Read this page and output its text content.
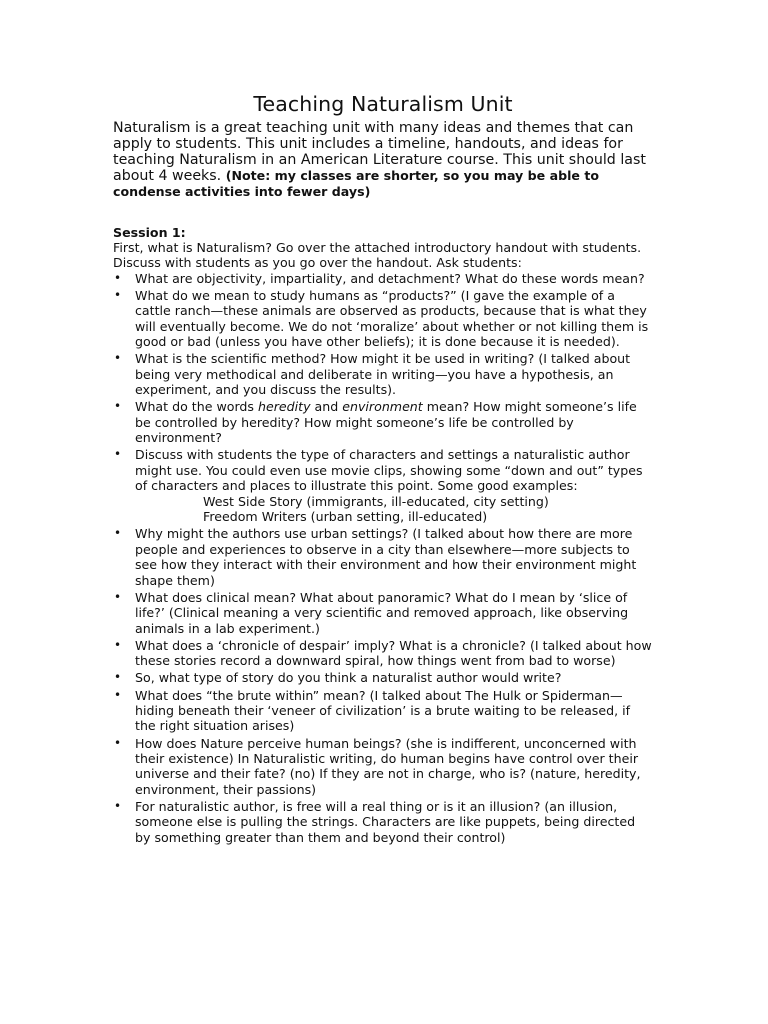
Teaching Naturalism Unit

Naturalism is a great teaching unit with many ideas and themes that can apply to students. This unit includes a timeline, handouts, and ideas for teaching Naturalism in an American Literature course. This unit should last about 4 weeks. (Note: my classes are shorter, so you may be able to condense activities into fewer days)

Session 1:

First, what is Naturalism? Go over the attached introductory handout with students. Discuss with students as you go over the handout. Ask students:

• What are objectivity, impartiality, and detachment? What do these words mean?
• What do we mean to study humans as “products?” (I gave the example of a cattle ranch—these animals are observed as products, because that is what they will eventually become. We do not ‘moralize’ about whether or not killing them is good or bad (unless you have other beliefs); it is done because it is needed).
• What is the scientific method? How might it be used in writing? (I talked about being very methodical and deliberate in writing—you have a hypothesis, an experiment, and you discuss the results).
• What do the words heredity and environment mean? How might someone’s life be controlled by heredity? How might someone’s life be controlled by environment?
• Discuss with students the type of characters and settings a naturalistic author might use. You could even use movie clips, showing some “down and out” types of characters and places to illustrate this point. Some good examples:
West Side Story (immigrants, ill-educated, city setting)
Freedom Writers (urban setting, ill-educated)
• Why might the authors use urban settings? (I talked about how there are more people and experiences to observe in a city than elsewhere—more subjects to see how they interact with their environment and how their environment might shape them)
• What does clinical mean? What about panoramic? What do I mean by ‘slice of life?’ (Clinical meaning a very scientific and removed approach, like observing animals in a lab experiment.)
• What does a ‘chronicle of despair’ imply? What is a chronicle? (I talked about how these stories record a downward spiral, how things went from bad to worse)
• So, what type of story do you think a naturalist author would write?
• What does “the brute within” mean? (I talked about The Hulk or Spiderman—hiding beneath their ‘veneer of civilization’ is a brute waiting to be released, if the right situation arises)
• How does Nature perceive human beings? (she is indifferent, unconcerned with their existence) In Naturalistic writing, do human begins have control over their universe and their fate? (no) If they are not in charge, who is? (nature, heredity, environment, their passions)
• For naturalistic author, is free will a real thing or is it an illusion? (an illusion, someone else is pulling the strings. Characters are like puppets, being directed by something greater than them and beyond their control)
